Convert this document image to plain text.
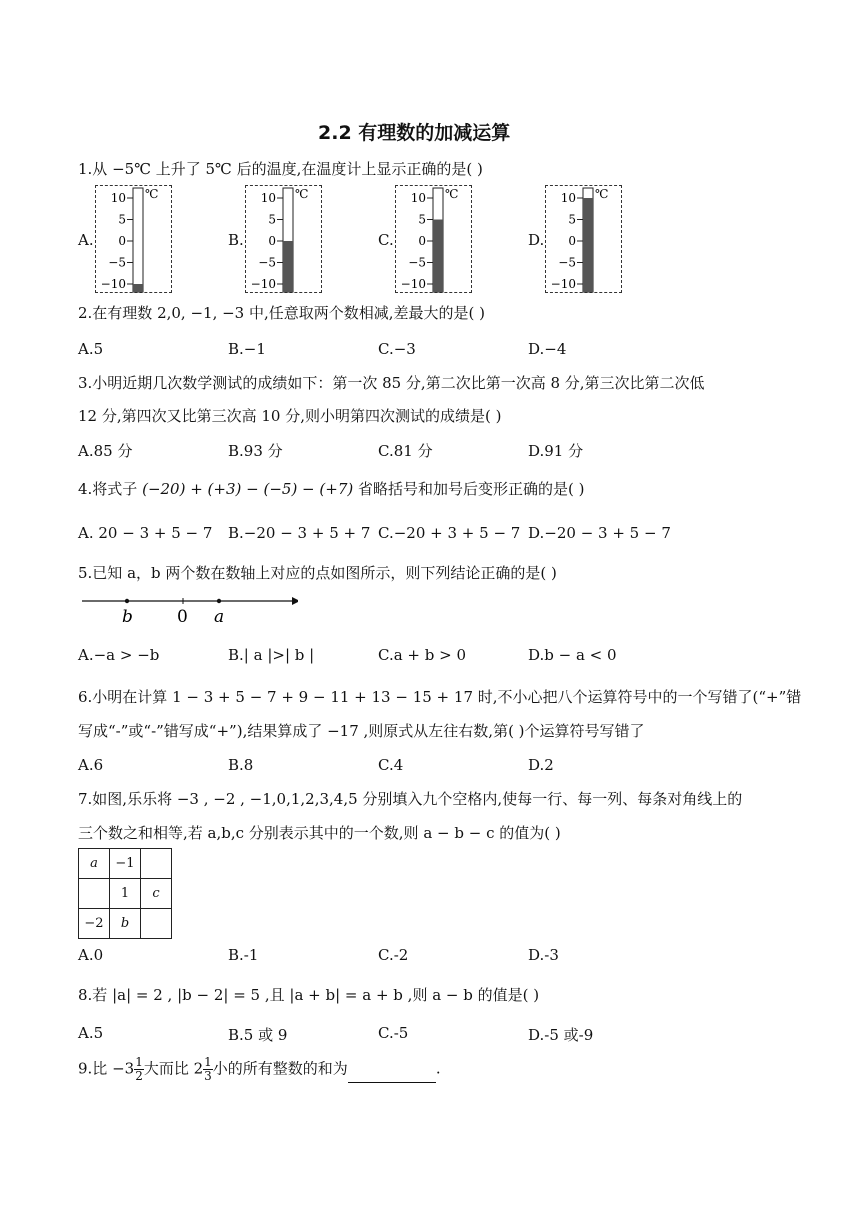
2.2 有理数的加减运算
1.从 −5℃ 上升了 5℃ 后的温度,在温度计上显示正确的是( )
A.
10
5
0
−5
−10
℃
B.
10
5
0
−5
−10
℃
C.
10
5
0
−5
−10
℃
D.
10
5
0
−5
−10
℃
2.在有理数 2,0, −1, −3 中,任意取两个数相减,差最大的是( )
A.5	B.−1	C.−3	D.−4
3.小明近期几次数学测试的成绩如下：第一次 85 分,第二次比第一次高 8 分,第三次比第二次低
12 分,第四次又比第三次高 10 分,则小明第四次测试的成绩是( )
A.85 分	B.93 分	C.81 分	D.91 分
4.将式子 (−20) + (+3) − (−5) − (+7) 省略括号和加号后变形正确的是( )
A. 20 − 3 + 5 − 7 B.−20 − 3 + 5 + 7 C.−20 + 3 + 5 − 7 D.−20 − 3 + 5 − 7
5.已知 a，b 两个数在数轴上对应的点如图所示，则下列结论正确的是( )
b	0 a
A.−a > −b	B.| a |>| b |	C.a + b > 0	D.b − a < 0
6.小明在计算 1 − 3 + 5 − 7 + 9 − 11 + 13 − 15 + 17 时,不小心把八个运算符号中的一个写错了(“+”错
写成“-”或“-”错写成“+”),结果算成了 −17 ,则原式从左往右数,第( )个运算符号写错了
A.6	B.8	C.4	D.2
7.如图,乐乐将 −3 , −2 , −1,0,1,2,3,4,5 分别填入九个空格内,使每一行、每一列、每条对角线上的
a	−1	
	1	c
−2	b	
三个数之和相等,若 a,b,c 分别表示其中的一个数,则 a − b − c 的值为( )
A.0	B.-1	C.-2	D.-3
8.若 |a| = 2 , |b − 2| = 5 ,且 |a + b| = a + b ,则 a − b 的值是( )
A.5	B.5 或 9	C.-5	D.-5 或-9
9.比 $-3 \frac{1}{2}$ 大而比 $2 \frac{1}{3}$ 小的所有整数的和为	.
